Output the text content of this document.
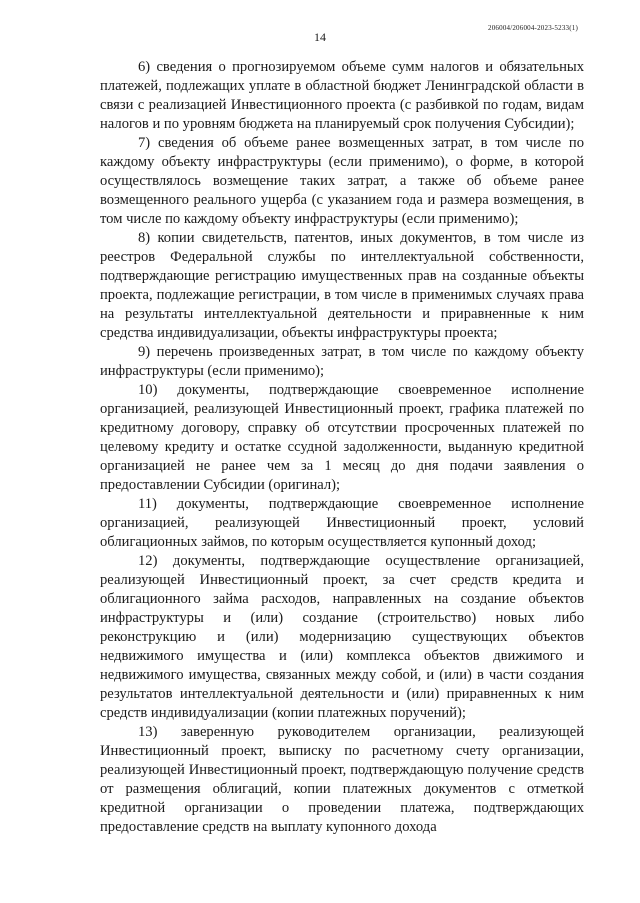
14
206004/206004-2023-5233(1)

6) сведения о прогнозируемом объеме сумм налогов и обязательных платежей, подлежащих уплате в областной бюджет Ленинградской области в связи с реализацией Инвестиционного проекта (с разбивкой по годам, видам налогов и по уровням бюджета на планируемый срок получения Субсидии);

7) сведения об объеме ранее возмещенных затрат, в том числе по каждому объекту инфраструктуры (если применимо), о форме, в которой осуществлялось возмещение таких затрат, а также об объеме ранее возмещенного реального ущерба (с указанием года и размера возмещения, в том числе по каждому объекту инфраструктуры (если применимо);

8) копии свидетельств, патентов, иных документов, в том числе из реестров Федеральной службы по интеллектуальной собственности, подтверждающие регистрацию имущественных прав на созданные объекты проекта, подлежащие регистрации, в том числе в применимых случаях права на результаты интеллектуальной деятельности и приравненные к ним средства индивидуализации, объекты инфраструктуры проекта;

9) перечень произведенных затрат, в том числе по каждому объекту инфраструктуры (если применимо);

10) документы, подтверждающие своевременное исполнение организацией, реализующей Инвестиционный проект, графика платежей по кредитному договору, справку об отсутствии просроченных платежей по целевому кредиту и остатке ссудной задолженности, выданную кредитной организацией не ранее чем за 1 месяц до дня подачи заявления о предоставлении Субсидии (оригинал);

11) документы, подтверждающие своевременное исполнение организацией, реализующей Инвестиционный проект, условий облигационных займов, по которым осуществляется купонный доход;

12) документы, подтверждающие осуществление организацией, реализующей Инвестиционный проект, за счет средств кредита и облигационного займа расходов, направленных на создание объектов инфраструктуры и (или) создание (строительство) новых либо реконструкцию и (или) модернизацию существующих объектов недвижимого имущества и (или) комплекса объектов движимого и недвижимого имущества, связанных между собой, и (или) в части создания результатов интеллектуальной деятельности и (или) приравненных к ним средств индивидуализации (копии платежных поручений);

13) заверенную руководителем организации, реализующей Инвестиционный проект, выписку по расчетному счету организации, реализующей Инвестиционный проект, подтверждающую получение средств от размещения облигаций, копии платежных документов с отметкой кредитной организации о проведении платежа, подтверждающих предоставление средств на выплату купонного дохода
